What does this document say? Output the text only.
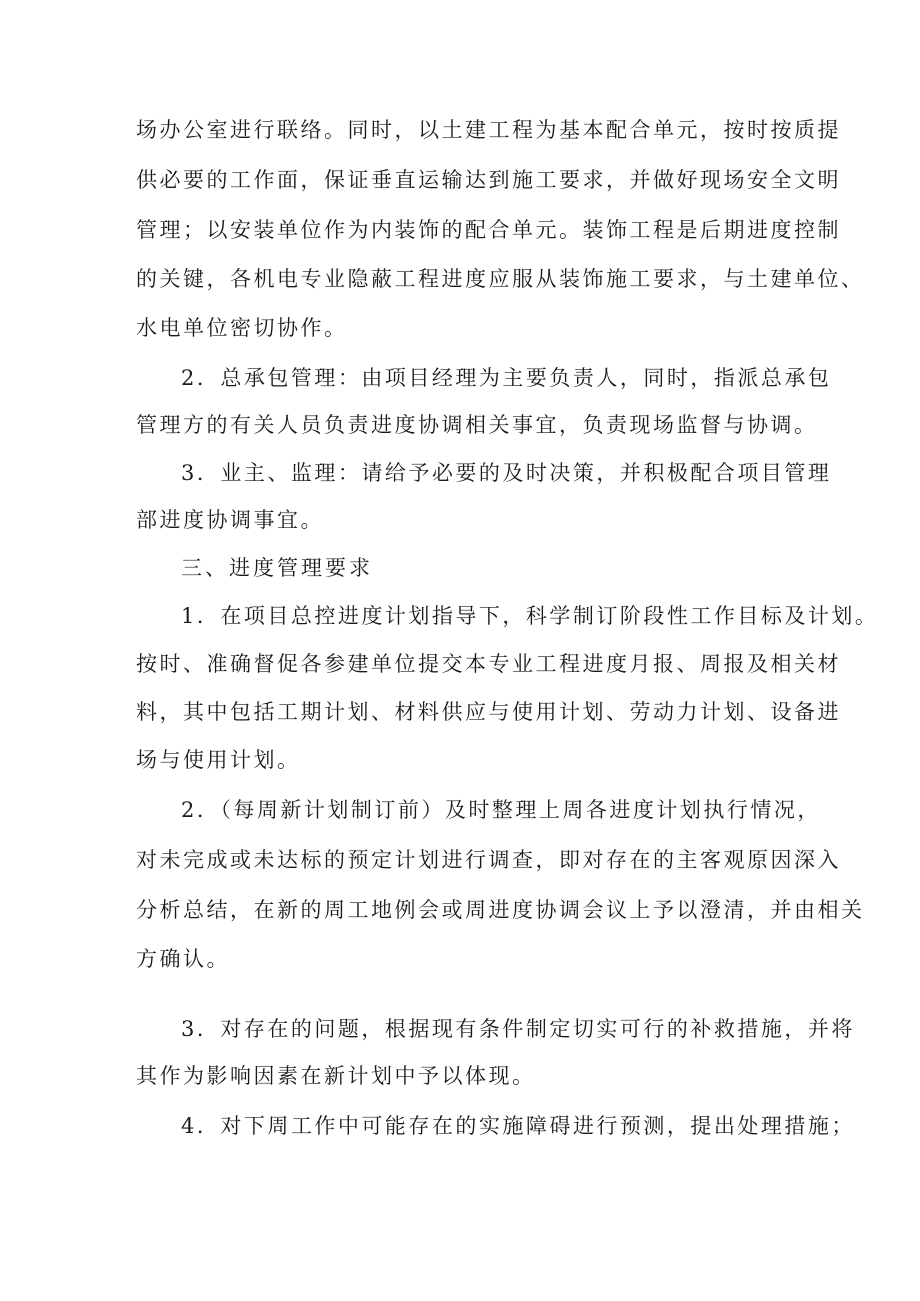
场办公室进行联络。同时，以土建工程为基本配合单元，按时按质提

供必要的工作面，保证垂直运输达到施工要求，并做好现场安全文明

管理；以安装单位作为内装饰的配合单元。装饰工程是后期进度控制

的关键，各机电专业隐蔽工程进度应服从装饰施工要求，与土建单位、

水电单位密切协作。

2．总承包管理：由项目经理为主要负责人，同时，指派总承包

管理方的有关人员负责进度协调相关事宜，负责现场监督与协调。

3．业主、监理：请给予必要的及时决策，并积极配合项目管理

部进度协调事宜。

三、进度管理要求

1．在项目总控进度计划指导下，科学制订阶段性工作目标及计划。

按时、准确督促各参建单位提交本专业工程进度月报、周报及相关材

料，其中包括工期计划、材料供应与使用计划、劳动力计划、设备进

场与使用计划。

2．（每周新计划制订前）及时整理上周各进度计划执行情况，

对未完成或未达标的预定计划进行调查，即对存在的主客观原因深入

分析总结，在新的周工地例会或周进度协调会议上予以澄清，并由相关

方确认。

3．对存在的问题，根据现有条件制定切实可行的补救措施，并将

其作为影响因素在新计划中予以体现。

4．对下周工作中可能存在的实施障碍进行预测，提出处理措施；
